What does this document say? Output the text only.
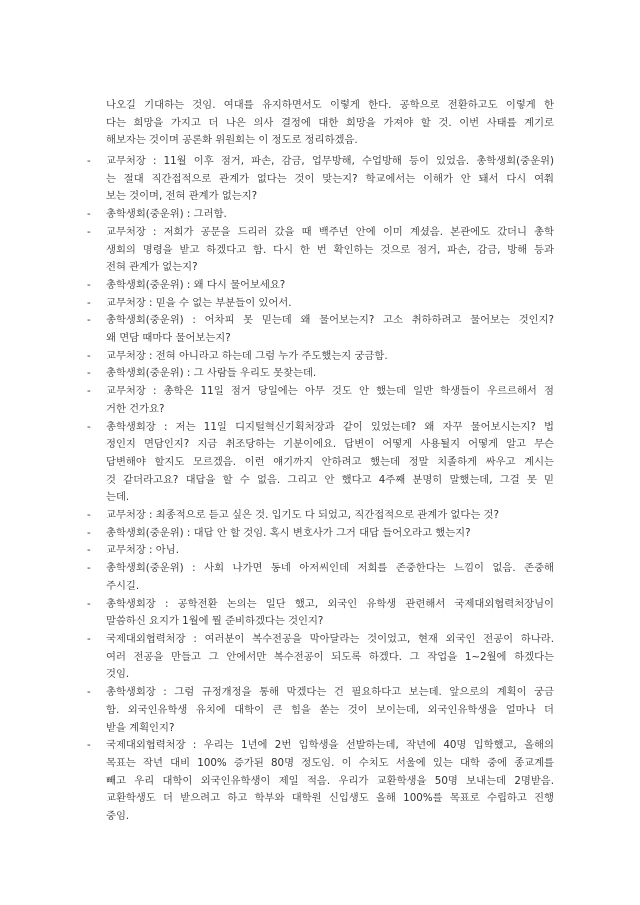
나오길 기대하는 것임. 여대를 유지하면서도 이렇게 한다. 공학으로 전환하고도 이렇게 한
다는 희망을 가지고 더 나은 의사 결정에 대한 희망을 가져야 할 것. 이번 사태를 계기로
해보자는 것이며 공론화 위원회는 이 정도로 정리하겠음.
- 교무처장 : 11월 이후 점거, 파손, 감금, 업무방해, 수업방해 등이 있었음. 총학생회(중운위)
는 절대 직간접적으로 관계가 없다는 것이 맞는지? 학교에서는 이해가 안 돼서 다시 여쭤
보는 것이며, 전혀 관계가 없는지?
- 총학생회(중운위) : 그러함.
- 교무처장 : 저희가 공문을 드리러 갔을 때 백주년 안에 이미 계셨음. 본관에도 갔더니 총학
생회의 명령을 받고 하겠다고 함. 다시 한 번 확인하는 것으로 점거, 파손, 감금, 방해 등과
전혀 관계가 없는지?
- 총학생회(중운위) : 왜 다시 물어보세요?
- 교무처장 : 믿을 수 없는 부분들이 있어서.
- 총학생회(중운위) : 어차피 못 믿는데 왜 물어보는지? 고소 취하하려고 물어보는 것인지?
왜 면담 때마다 물어보는지?
- 교무처장 : 전혀 아니라고 하는데 그럼 누가 주도했는지 궁금함.
- 총학생회(중운위) : 그 사람들 우리도 못찾는데.
- 교무처장 : 총학은 11일 점거 당일에는 아무 것도 안 했는데 일반 학생들이 우르르해서 점
거한 건가요?
- 총학생회장 : 저는 11일 디지털혁신기획처장과 같이 있었는데? 왜 자꾸 물어보시는지? 법
정인지 면담인지? 지금 취조당하는 기분이에요. 답변이 어떻게 사용될지 어떻게 알고 무슨
답변해야 할지도 모르겠음. 이런 얘기까지 안하려고 했는데 정말 치졸하게 싸우고 계시는
것 같더라고요? 대답을 할 수 없음. 그리고 안 했다고 4주째 분명히 말했는데, 그걸 못 믿
는데.
- 교무처장 : 최종적으로 듣고 싶은 것. 입기도 다 되었고, 직간접적으로 관계가 없다는 것?
- 총학생회(중운위) : 대답 안 할 것임. 혹시 변호사가 그거 대답 들어오라고 했는지?
- 교무처장 : 아님.
- 총학생회(중운위) : 사회 나가면 동네 아저씨인데 저희를 존중한다는 느낌이 없음. 존중해
주시길.
- 총학생회장 : 공학전환 논의는 일단 했고, 외국인 유학생 관련해서 국제대외협력처장님이
말씀하신 요지가 1월에 뭘 준비하겠다는 것인지?
- 국제대외협력처장 : 여러분이 복수전공을 막아달라는 것이었고, 현재 외국인 전공이 하나라.
여러 전공을 만들고 그 안에서만 복수전공이 되도록 하겠다. 그 작업을 1~2월에 하겠다는
것임.
- 총학생회장 : 그럼 규정개정을 통해 막겠다는 건 필요하다고 보는데. 앞으로의 계획이 궁금
함. 외국인유학생 유치에 대학이 큰 힘을 쏟는 것이 보이는데, 외국인유학생을 얼마나 더
받을 계획인지?
- 국제대외협력처장 : 우리는 1년에 2번 입학생을 선발하는데, 작년에 40명 입학했고, 올해의
목표는 작년 대비 100% 증가된 80명 정도임. 이 수치도 서울에 있는 대학 중에 종교계를
빼고 우리 대학이 외국인유학생이 제일 적음. 우리가 교환학생을 50명 보내는데 2명받음.
교환학생도 더 받으려고 하고 학부와 대학원 신입생도 올해 100%를 목표로 수립하고 진행
중임.
